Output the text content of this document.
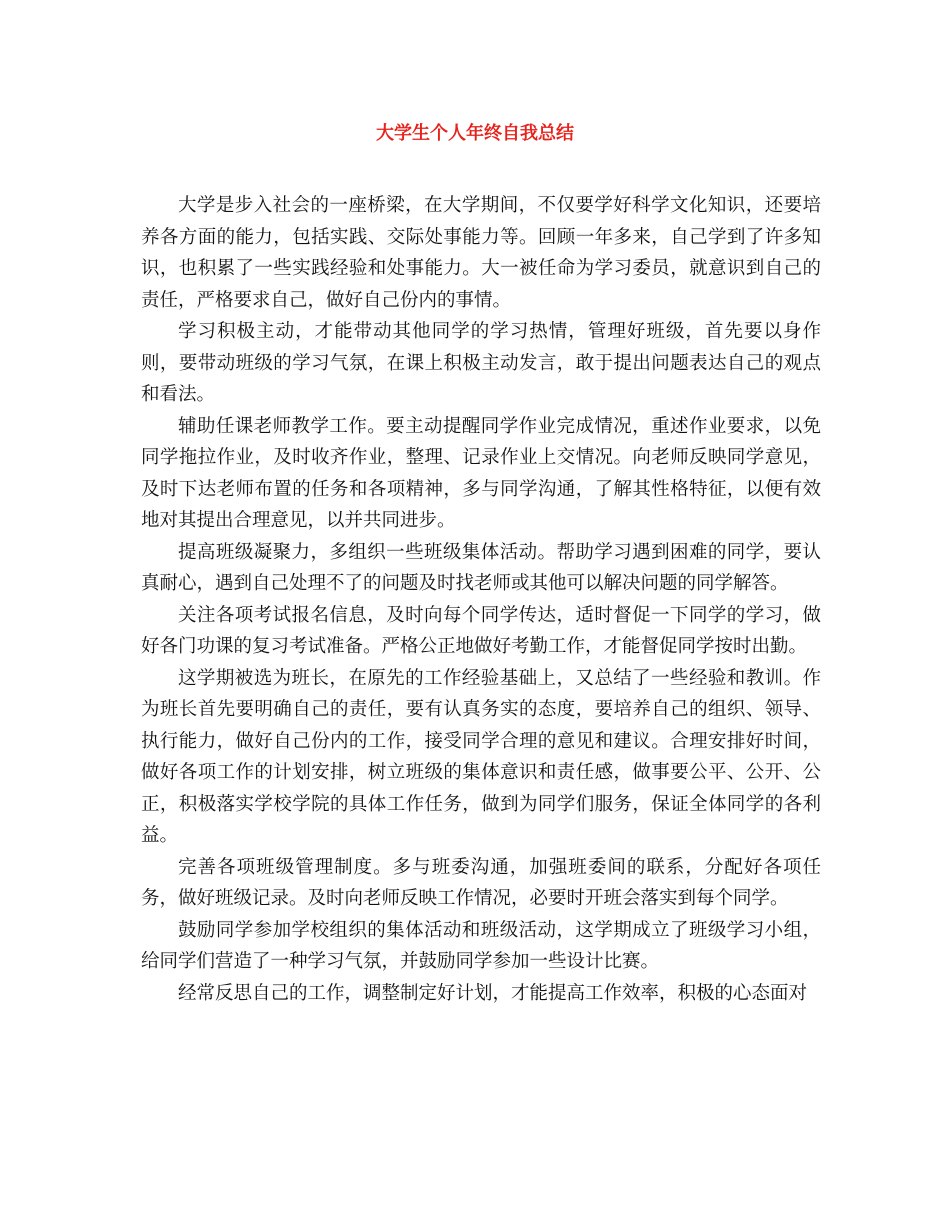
大学生个人年终自我总结

大学是步入社会的一座桥梁，在大学期间，不仅要学好科学文化知识，还要培养各方面的能力，包括实践、交际处事能力等。回顾一年多来，自己学到了许多知识，也积累了一些实践经验和处事能力。大一被任命为学习委员，就意识到自己的责任，严格要求自己，做好自己份内的事情。

学习积极主动，才能带动其他同学的学习热情，管理好班级，首先要以身作则，要带动班级的学习气氛，在课上积极主动发言，敢于提出问题表达自己的观点和看法。

辅助任课老师教学工作。要主动提醒同学作业完成情况，重述作业要求，以免同学拖拉作业，及时收齐作业，整理、记录作业上交情况。向老师反映同学意见，及时下达老师布置的任务和各项精神，多与同学沟通，了解其性格特征，以便有效地对其提出合理意见，以并共同进步。

提高班级凝聚力，多组织一些班级集体活动。帮助学习遇到困难的同学，要认真耐心，遇到自己处理不了的问题及时找老师或其他可以解决问题的同学解答。

关注各项考试报名信息，及时向每个同学传达，适时督促一下同学的学习，做好各门功课的复习考试准备。严格公正地做好考勤工作，才能督促同学按时出勤。

这学期被选为班长，在原先的工作经验基础上，又总结了一些经验和教训。作为班长首先要明确自己的责任，要有认真务实的态度，要培养自己的组织、领导、执行能力，做好自己份内的工作，接受同学合理的意见和建议。合理安排好时间，做好各项工作的计划安排，树立班级的集体意识和责任感，做事要公平、公开、公正，积极落实学校学院的具体工作任务，做到为同学们服务，保证全体同学的各利益。

完善各项班级管理制度。多与班委沟通，加强班委间的联系，分配好各项任务，做好班级记录。及时向老师反映工作情况，必要时开班会落实到每个同学。

鼓励同学参加学校组织的集体活动和班级活动，这学期成立了班级学习小组，给同学们营造了一种学习气氛，并鼓励同学参加一些设计比赛。

经常反思自己的工作，调整制定好计划，才能提高工作效率，积极的心态面对
